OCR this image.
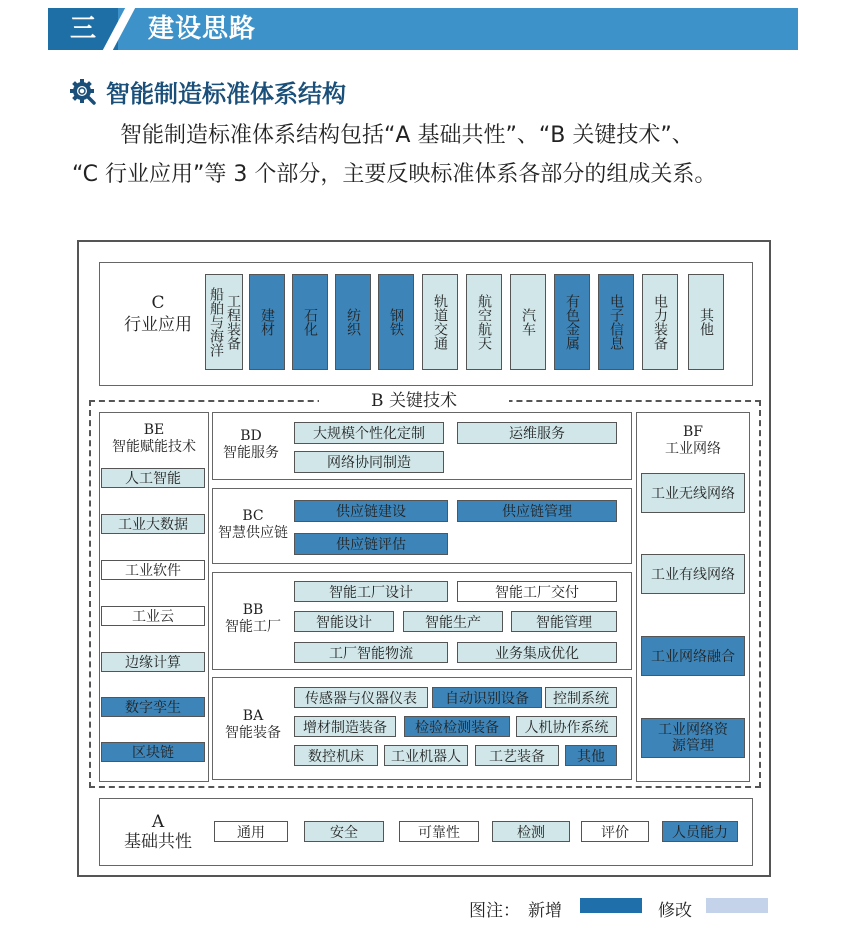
三	建设思路
智能制造标准体系结构
智能制造标准体系结构包括“A 基础共性”、“B 关键技术”、
“C 行业应用”等 3 个部分，主要反映标准体系各部分的组成关系。
C
行业应用	船舶与海洋 工程装备	建材	石化	纺织	钢铁	轨道交通	航空航天	汽车	有色金属	电子信息	电力装备	其他
B 关键技术
BE
智能赋能技术
人工智能
工业大数据
工业软件
工业云
边缘计算
数字孪生
区块链
BD
智能服务
大规模个性化定制	运维服务
网络协同制造
BC
智慧供应链
供应链建设	供应链管理
供应链评估
BB
智能工厂
智能工厂设计	智能工厂交付
智能设计	智能生产	智能管理
工厂智能物流	业务集成优化
BA
智能装备
传感器与仪器仪表	自动识别设备	控制系统
增材制造装备	检验检测装备	人机协作系统
数控机床	工业机器人	工艺装备	其他
BF
工业网络
工业无线网络
工业有线网络
工业网络融合
工业网络资源管理
A
基础共性	通用	安全	可靠性	检测	评价	人员能力
图注： 新增	修改
